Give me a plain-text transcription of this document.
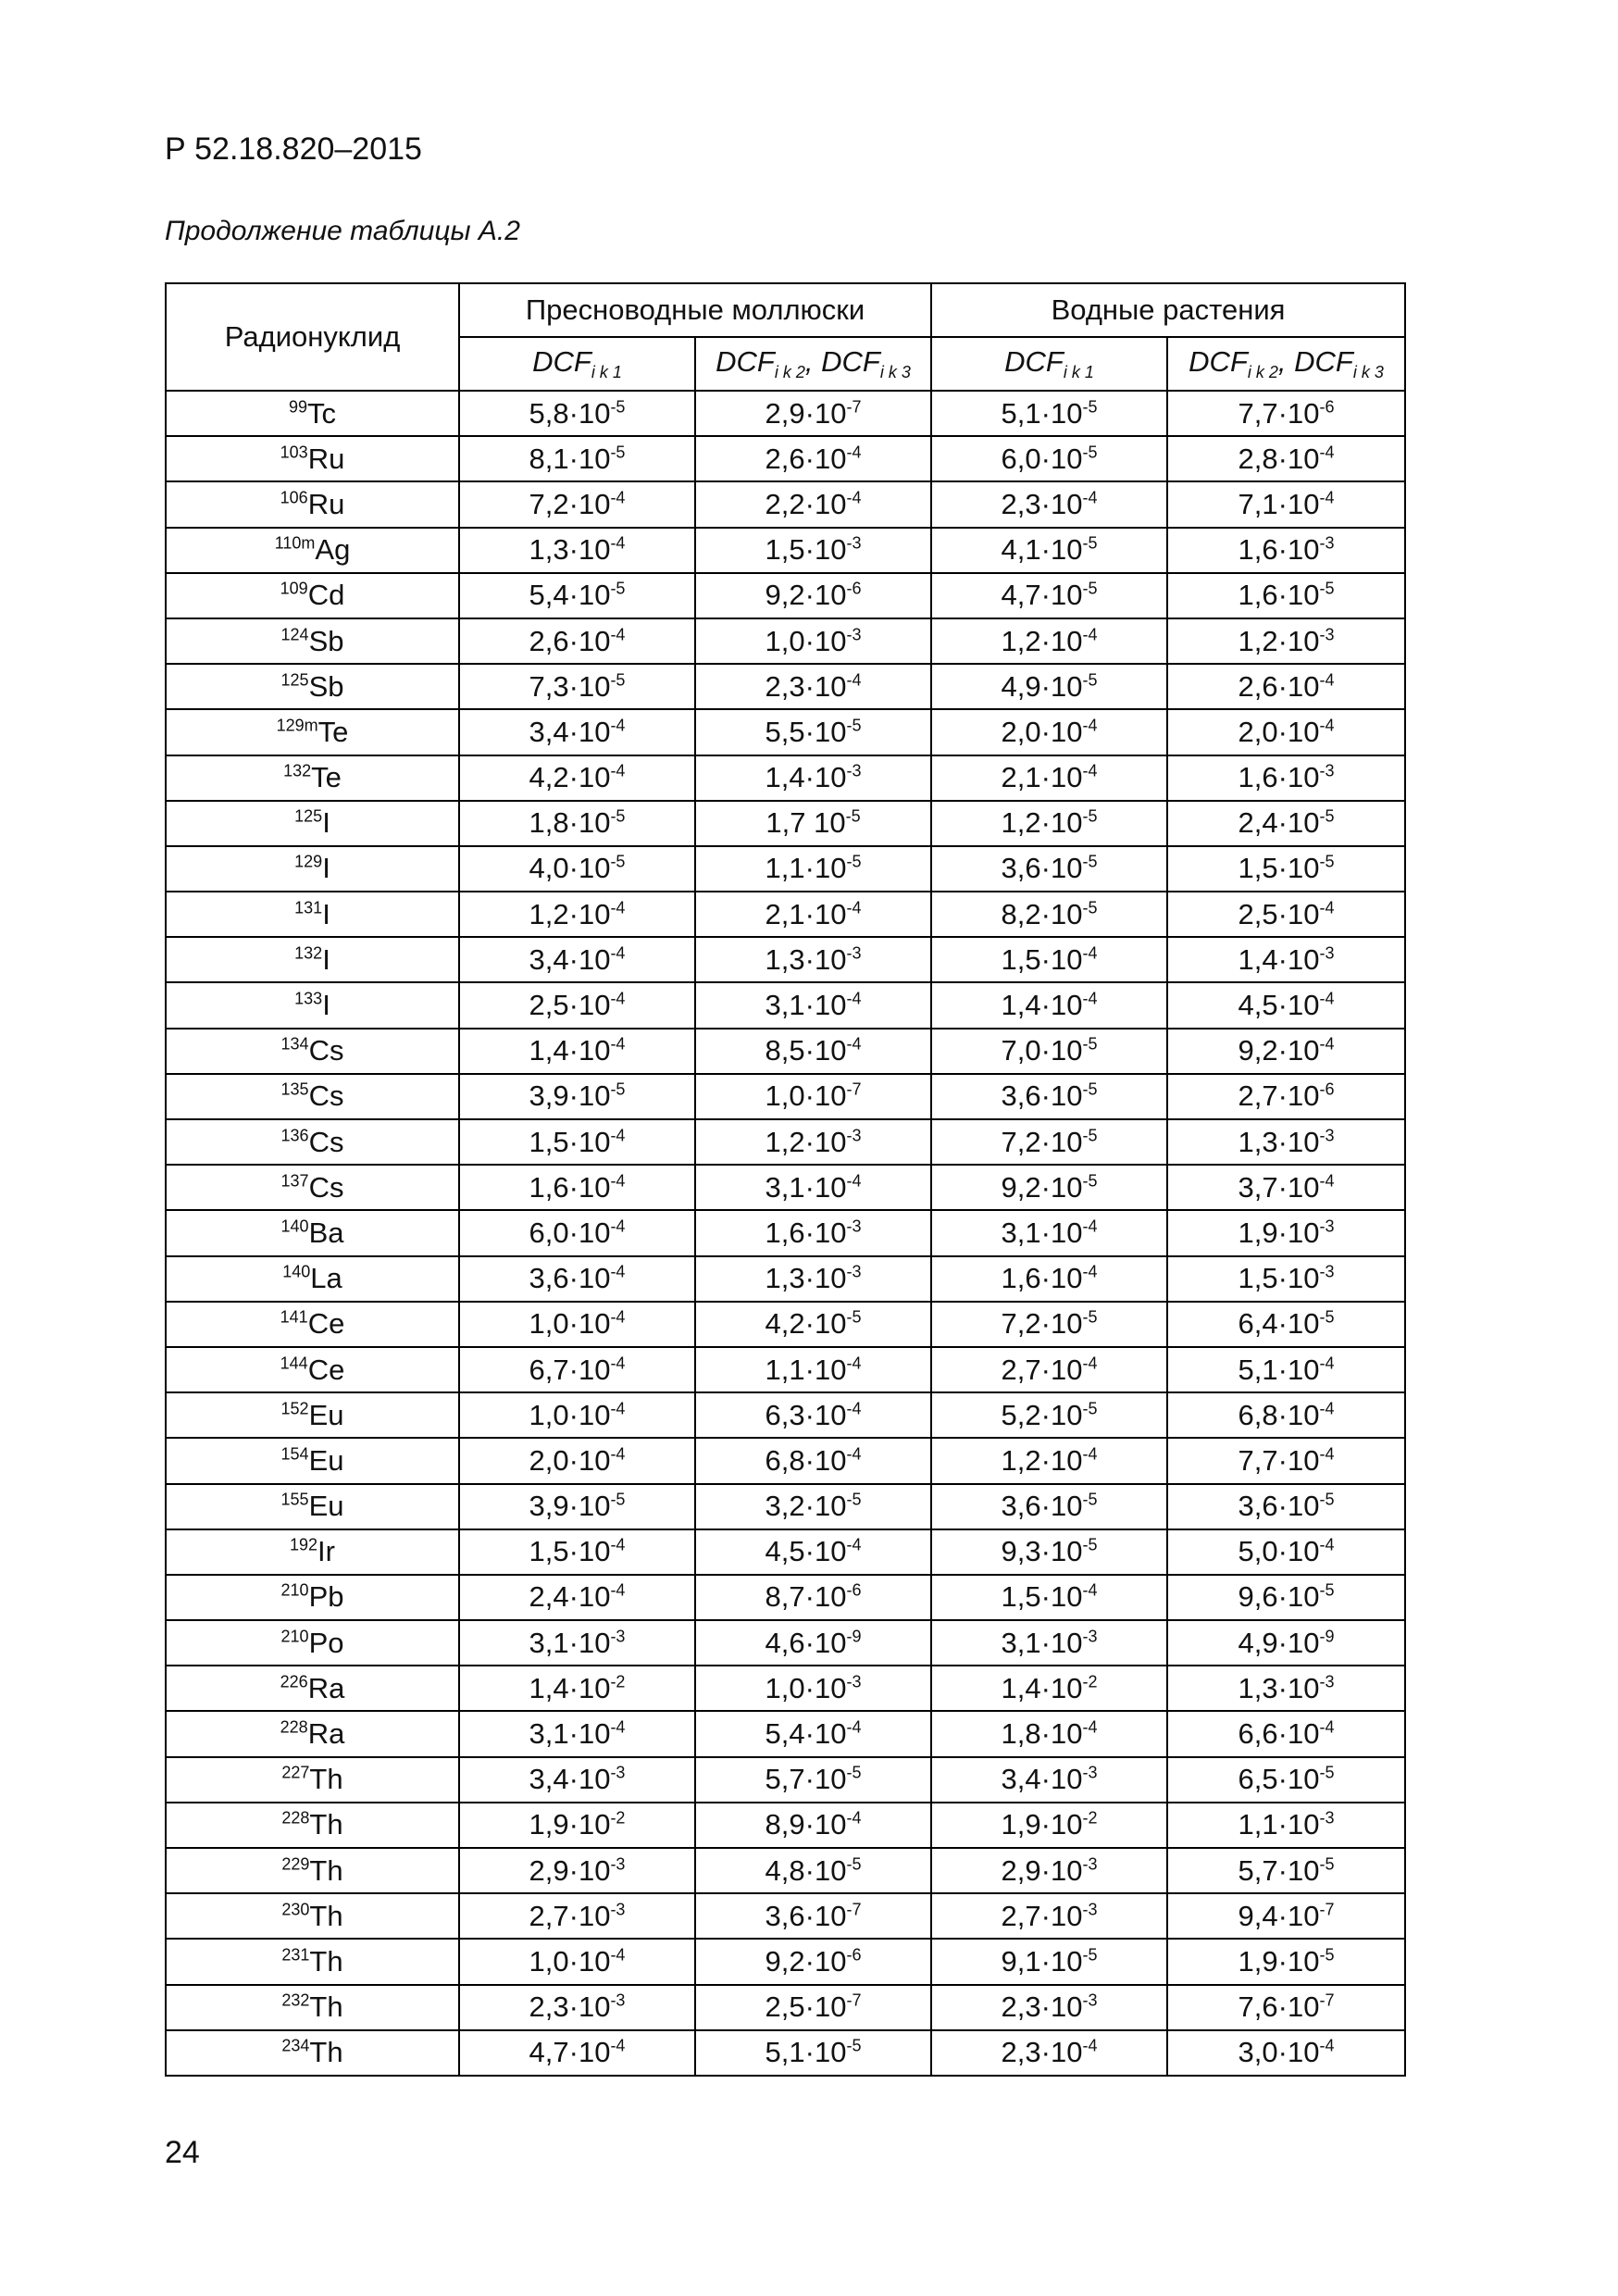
Р 52.18.820–2015
Продолжение таблицы А.2
Радионуклид	Пресноводные моллюски		Водные растения	
	$DCF_{i k 1}$	$DCF_{i k 2}$, $DCF_{i k 3}$	$DCF_{i k 1}$	$DCF_{i k 2}$, $DCF_{i k 3}$
$^{99}$Tc	$5,8\cdot 10^{-5}$	$2,9\cdot 10^{-7}$	$5,1\cdot 10^{-5}$	$7,7\cdot 10^{-6}$
$^{103}$Ru	$8,1\cdot 10^{-5}$	$2,6\cdot 10^{-4}$	$6,0\cdot 10^{-5}$	$2,8\cdot 10^{-4}$
$^{106}$Ru	$7,2\cdot 10^{-4}$	$2,2\cdot 10^{-4}$	$2,3\cdot 10^{-4}$	$7,1\cdot 10^{-4}$
$^{110m}$Ag	$1,3\cdot 10^{-4}$	$1,5\cdot 10^{-3}$	$4,1\cdot 10^{-5}$	$1,6\cdot 10^{-3}$
$^{109}$Cd	$5,4\cdot 10^{-5}$	$9,2\cdot 10^{-6}$	$4,7\cdot 10^{-5}$	$1,6\cdot 10^{-5}$
$^{124}$Sb	$2,6\cdot 10^{-4}$	$1,0\cdot 10^{-3}$	$1,2\cdot 10^{-4}$	$1,2\cdot 10^{-3}$
$^{125}$Sb	$7,3\cdot 10^{-5}$	$2,3\cdot 10^{-4}$	$4,9\cdot 10^{-5}$	$2,6\cdot 10^{-4}$
$^{129m}$Te	$3,4\cdot 10^{-4}$	$5,5\cdot 10^{-5}$	$2,0\cdot 10^{-4}$	$2,0\cdot 10^{-4}$
$^{132}$Te	$4,2\cdot 10^{-4}$	$1,4\cdot 10^{-3}$	$2,1\cdot 10^{-4}$	$1,6\cdot 10^{-3}$
$^{125}$I	$1,8\cdot 10^{-5}$	1,7 $10^{-5}$	$1,2\cdot 10^{-5}$	$2,4\cdot 10^{-5}$
$^{129}$I	$4,0\cdot 10^{-5}$	$1,1\cdot 10^{-5}$	$3,6\cdot 10^{-5}$	$1,5\cdot 10^{-5}$
$^{131}$I	$1,2\cdot 10^{-4}$	$2,1\cdot 10^{-4}$	$8,2\cdot 10^{-5}$	$2,5\cdot 10^{-4}$
$^{132}$I	$3,4\cdot 10^{-4}$	$1,3\cdot 10^{-3}$	$1,5\cdot 10^{-4}$	$1,4\cdot 10^{-3}$
$^{133}$I	$2,5\cdot 10^{-4}$	$3,1\cdot 10^{-4}$	$1,4\cdot 10^{-4}$	$4,5\cdot 10^{-4}$
$^{134}$Cs	$1,4\cdot 10^{-4}$	$8,5\cdot 10^{-4}$	$7,0\cdot 10^{-5}$	$9,2\cdot 10^{-4}$
$^{135}$Cs	$3,9\cdot 10^{-5}$	$1,0\cdot 10^{-7}$	$3,6\cdot 10^{-5}$	$2,7\cdot 10^{-6}$
$^{136}$Cs	$1,5\cdot 10^{-4}$	$1,2\cdot 10^{-3}$	$7,2\cdot 10^{-5}$	$1,3\cdot 10^{-3}$
$^{137}$Cs	$1,6\cdot 10^{-4}$	$3,1\cdot 10^{-4}$	$9,2\cdot 10^{-5}$	$3,7\cdot 10^{-4}$
$^{140}$Ba	$6,0\cdot 10^{-4}$	$1,6\cdot 10^{-3}$	$3,1\cdot 10^{-4}$	$1,9\cdot 10^{-3}$
$^{140}$La	$3,6\cdot 10^{-4}$	$1,3\cdot 10^{-3}$	$1,6\cdot 10^{-4}$	$1,5\cdot 10^{-3}$
$^{141}$Ce	$1,0\cdot 10^{-4}$	$4,2\cdot 10^{-5}$	$7,2\cdot 10^{-5}$	$6,4\cdot 10^{-5}$
$^{144}$Ce	$6,7\cdot 10^{-4}$	$1,1\cdot 10^{-4}$	$2,7\cdot 10^{-4}$	$5,1\cdot 10^{-4}$
$^{152}$Eu	$1,0\cdot 10^{-4}$	$6,3\cdot 10^{-4}$	$5,2\cdot 10^{-5}$	$6,8\cdot 10^{-4}$
$^{154}$Eu	$2,0\cdot 10^{-4}$	$6,8\cdot 10^{-4}$	$1,2\cdot 10^{-4}$	$7,7\cdot 10^{-4}$
$^{155}$Eu	$3,9\cdot 10^{-5}$	$3,2\cdot 10^{-5}$	$3,6\cdot 10^{-5}$	$3,6\cdot 10^{-5}$
$^{192}$Ir	$1,5\cdot 10^{-4}$	$4,5\cdot 10^{-4}$	$9,3\cdot 10^{-5}$	$5,0\cdot 10^{-4}$
$^{210}$Pb	$2,4\cdot 10^{-4}$	$8,7\cdot 10^{-6}$	$1,5\cdot 10^{-4}$	$9,6\cdot 10^{-5}$
$^{210}$Po	$3,1\cdot 10^{-3}$	$4,6\cdot 10^{-9}$	$3,1\cdot 10^{-3}$	$4,9\cdot 10^{-9}$
$^{226}$Ra	$1,4\cdot 10^{-2}$	$1,0\cdot 10^{-3}$	$1,4\cdot 10^{-2}$	$1,3\cdot 10^{-3}$
$^{228}$Ra	$3,1\cdot 10^{-4}$	$5,4\cdot 10^{-4}$	$1,8\cdot 10^{-4}$	$6,6\cdot 10^{-4}$
$^{227}$Th	$3,4\cdot 10^{-3}$	$5,7\cdot 10^{-5}$	$3,4\cdot 10^{-3}$	$6,5\cdot 10^{-5}$
$^{228}$Th	$1,9\cdot 10^{-2}$	$8,9\cdot 10^{-4}$	$1,9\cdot 10^{-2}$	$1,1\cdot 10^{-3}$
$^{229}$Th	$2,9\cdot 10^{-3}$	$4,8\cdot 10^{-5}$	$2,9\cdot 10^{-3}$	$5,7\cdot 10^{-5}$
$^{230}$Th	$2,7\cdot 10^{-3}$	$3,6\cdot 10^{-7}$	$2,7\cdot 10^{-3}$	$9,4\cdot 10^{-7}$
$^{231}$Th	$1,0\cdot 10^{-4}$	$9,2\cdot 10^{-6}$	$9,1\cdot 10^{-5}$	$1,9\cdot 10^{-5}$
$^{232}$Th	$2,3\cdot 10^{-3}$	$2,5\cdot 10^{-7}$	$2,3\cdot 10^{-3}$	$7,6\cdot 10^{-7}$
$^{234}$Th	$4,7\cdot 10^{-4}$	$5,1\cdot 10^{-5}$	$2,3\cdot 10^{-4}$	$3,0\cdot 10^{-4}$
24
